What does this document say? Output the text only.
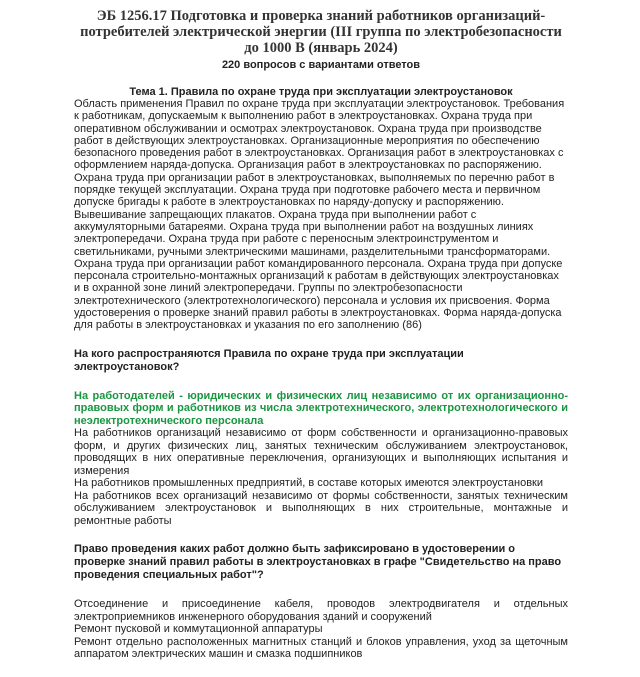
ЭБ 1256.17 Подготовка и проверка знаний работников организаций-потребителей электрической энергии (III группа по электробезопасности до 1000 В (январь 2024)
220 вопросов с вариантами ответов
Тема 1. Правила по охране труда при эксплуатации электроустановок

Область применения Правил по охране труда при эксплуатации электроустановок. Требования к работникам, допускаемым к выполнению работ в электроустановках. Охрана труда при оперативном обслуживании и осмотрах электроустановок. Охрана труда при производстве работ в действующих электроустановках. Организационные мероприятия по обеспечению безопасного проведения работ в электроустановках. Организация работ в электроустановках с оформлением наряда-допуска. Организация работ в электроустановках по распоряжению. Охрана труда при организации работ в электроустановках, выполняемых по перечню работ в порядке текущей эксплуатации. Охрана труда при подготовке рабочего места и первичном допуске бригады к работе в электроустановках по наряду-допуску и распоряжению. Вывешивание запрещающих плакатов. Охрана труда при выполнении работ с аккумуляторными батареями. Охрана труда при выполнении работ на воздушных линиях электропередачи. Охрана труда при работе с переносным электроинструментом и светильниками, ручными электрическими машинами, разделительными трансформаторами. Охрана труда при организации работ командированного персонала. Охрана труда при допуске персонала строительно-монтажных организаций к работам в действующих электроустановках и в охранной зоне линий электропередачи. Группы по электробезопасности электротехнического (электротехнологического) персонала и условия их присвоения. Форма удостоверения о проверке знаний правил работы в электроустановках. Форма наряда-допуска для работы в электроустановках и указания по его заполнению (86)

На кого распространяются Правила по охране труда при эксплуатации электроустановок?

На работодателей - юридических и физических лиц независимо от их организационно-правовых форм и работников из числа электротехнического, электротехнологического и неэлектротехнического персонала

На работников организаций независимо от форм собственности и организационно-правовых форм, и других физических лиц, занятых техническим обслуживанием электроустановок, проводящих в них оперативные переключения, организующих и выполняющих испытания и измерения

На работников промышленных предприятий, в составе которых имеются электроустановки

На работников всех организаций независимо от формы собственности, занятых техническим обслуживанием электроустановок и выполняющих в них строительные, монтажные и ремонтные работы

Право проведения каких работ должно быть зафиксировано в удостоверении о проверке знаний правил работы в электроустановках в графе "Свидетельство на право проведения специальных работ"?

Отсоединение и присоединение кабеля, проводов электродвигателя и отдельных электроприемников инженерного оборудования зданий и сооружений

Ремонт пусковой и коммутационной аппаратуры

Ремонт отдельно расположенных магнитных станций и блоков управления, уход за щеточным аппаратом электрических машин и смазка подшипников
